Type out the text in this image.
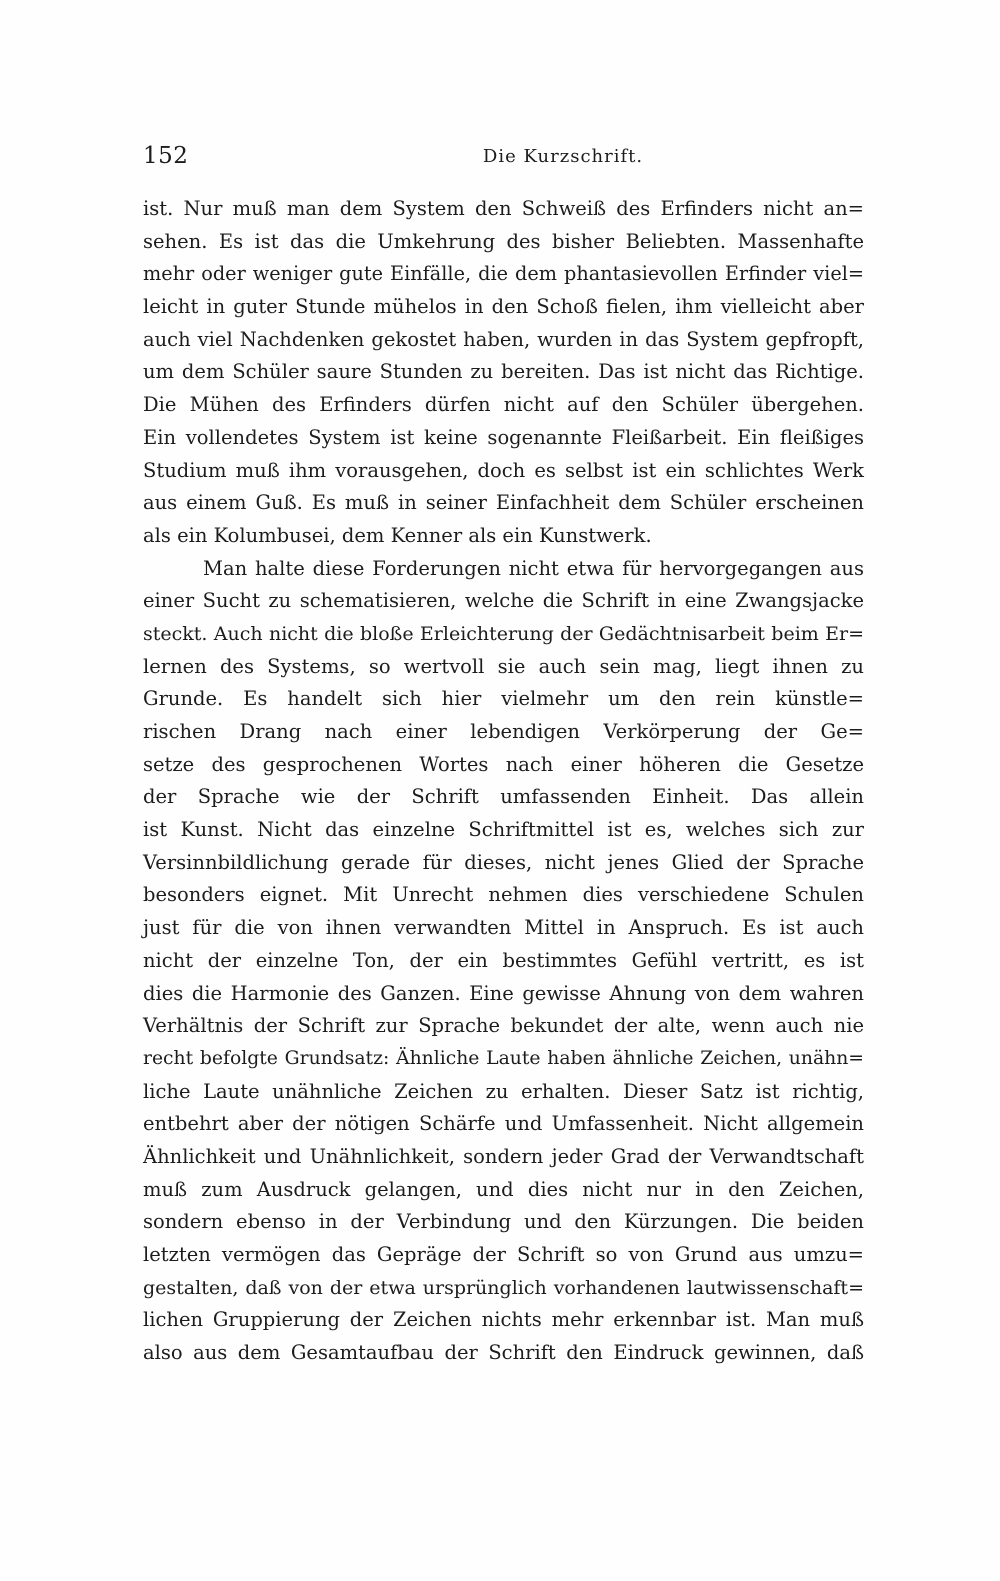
152	Die Kurzschrift.
ist. Nur muß man dem System den Schweiß des Erfinders nicht an=
sehen. Es ist das die Umkehrung des bisher Beliebten. Massenhafte
mehr oder weniger gute Einfälle, die dem phantasievollen Erfinder viel=
leicht in guter Stunde mühelos in den Schoß fielen, ihm vielleicht aber
auch viel Nachdenken gekostet haben, wurden in das System gepfropft,
um dem Schüler saure Stunden zu bereiten. Das ist nicht das Richtige.
Die Mühen des Erfinders dürfen nicht auf den Schüler übergehen.
Ein vollendetes System ist keine sogenannte Fleißarbeit. Ein fleißiges
Studium muß ihm vorausgehen, doch es selbst ist ein schlichtes Werk
aus einem Guß. Es muß in seiner Einfachheit dem Schüler erscheinen
als ein Kolumbusei, dem Kenner als ein Kunstwerk.
Man halte diese Forderungen nicht etwa für hervorgegangen aus
einer Sucht zu schematisieren, welche die Schrift in eine Zwangsjacke
steckt. Auch nicht die bloße Erleichterung der Gedächtnisarbeit beim Er=
lernen des Systems, so wertvoll sie auch sein mag, liegt ihnen zu
Grunde. Es handelt sich hier vielmehr um den rein künstle=
rischen Drang nach einer lebendigen Verkörperung der Ge=
setze des gesprochenen Wortes nach einer höheren die Gesetze
der Sprache wie der Schrift umfassenden Einheit. Das allein
ist Kunst. Nicht das einzelne Schriftmittel ist es, welches sich zur
Versinnbildlichung gerade für dieses, nicht jenes Glied der Sprache
besonders eignet. Mit Unrecht nehmen dies verschiedene Schulen
just für die von ihnen verwandten Mittel in Anspruch. Es ist auch
nicht der einzelne Ton, der ein bestimmtes Gefühl vertritt, es ist
dies die Harmonie des Ganzen. Eine gewisse Ahnung von dem wahren
Verhältnis der Schrift zur Sprache bekundet der alte, wenn auch nie
recht befolgte Grundsatz: Ähnliche Laute haben ähnliche Zeichen, unähn=
liche Laute unähnliche Zeichen zu erhalten. Dieser Satz ist richtig,
entbehrt aber der nötigen Schärfe und Umfassenheit. Nicht allgemein
Ähnlichkeit und Unähnlichkeit, sondern jeder Grad der Verwandtschaft
muß zum Ausdruck gelangen, und dies nicht nur in den Zeichen,
sondern ebenso in der Verbindung und den Kürzungen. Die beiden
letzten vermögen das Gepräge der Schrift so von Grund aus umzu=
gestalten, daß von der etwa ursprünglich vorhandenen lautwissenschaft=
lichen Gruppierung der Zeichen nichts mehr erkennbar ist. Man muß
also aus dem Gesamtaufbau der Schrift den Eindruck gewinnen, daß
